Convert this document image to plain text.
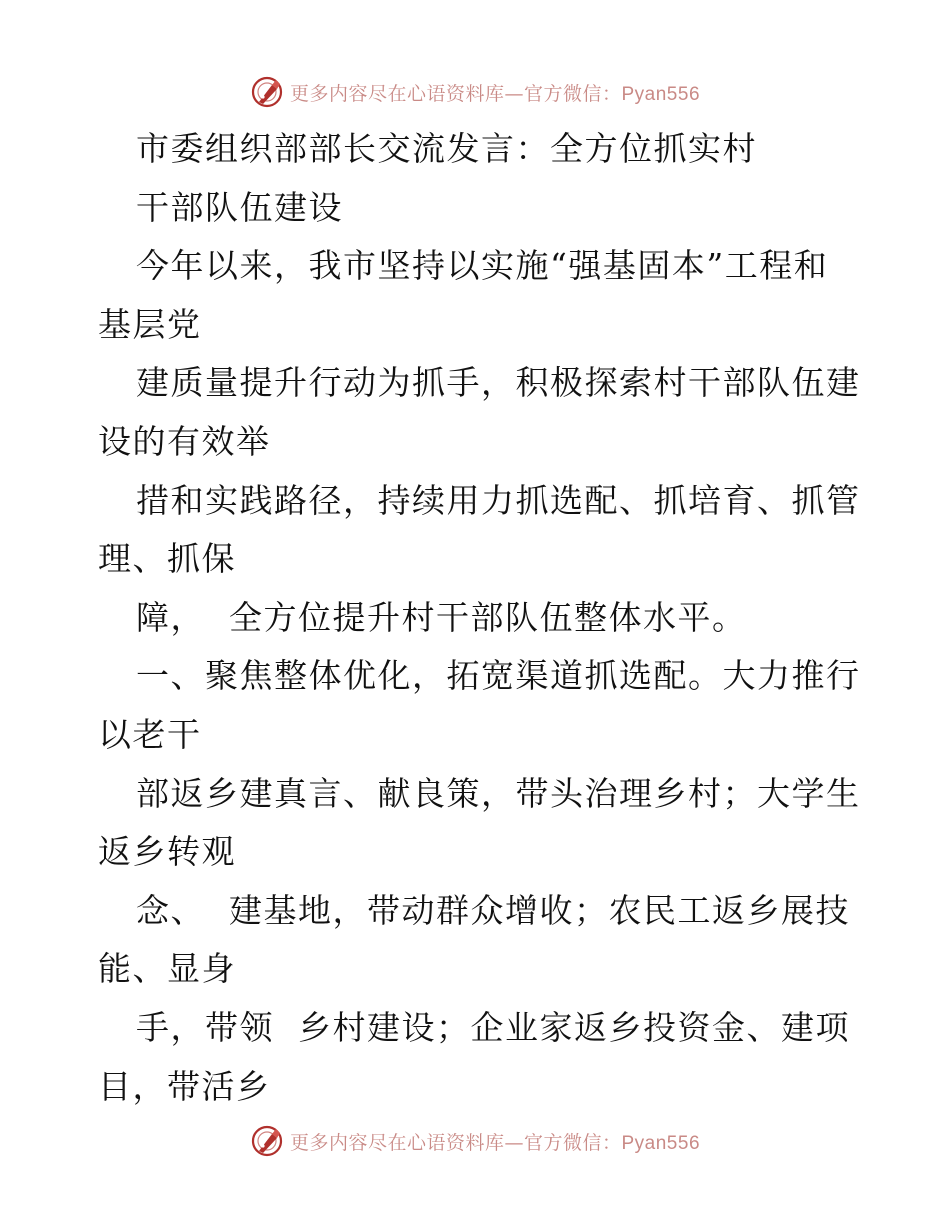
更多内容尽在心语资料库—官方微信：Pyan556
市委组织部部长交流发言：全方位抓实村
干部队伍建设
今年以来，我市坚持以实施“强基固本”工程和
基层党
建质量提升行动为抓手，积极探索村干部队伍建
设的有效举
措和实践路径，持续用力抓选配、抓培育、抓管
理、抓保
障，  全方位提升村干部队伍整体水平。
一、聚焦整体优化，拓宽渠道抓选配。大力推行
以老干
部返乡建真言、献良策，带头治理乡村；大学生
返乡转观
念、  建基地，带动群众增收；农民工返乡展技
能、显身
手，带领  乡村建设；企业家返乡投资金、建项
目，带活乡
更多内容尽在心语资料库—官方微信：Pyan556
